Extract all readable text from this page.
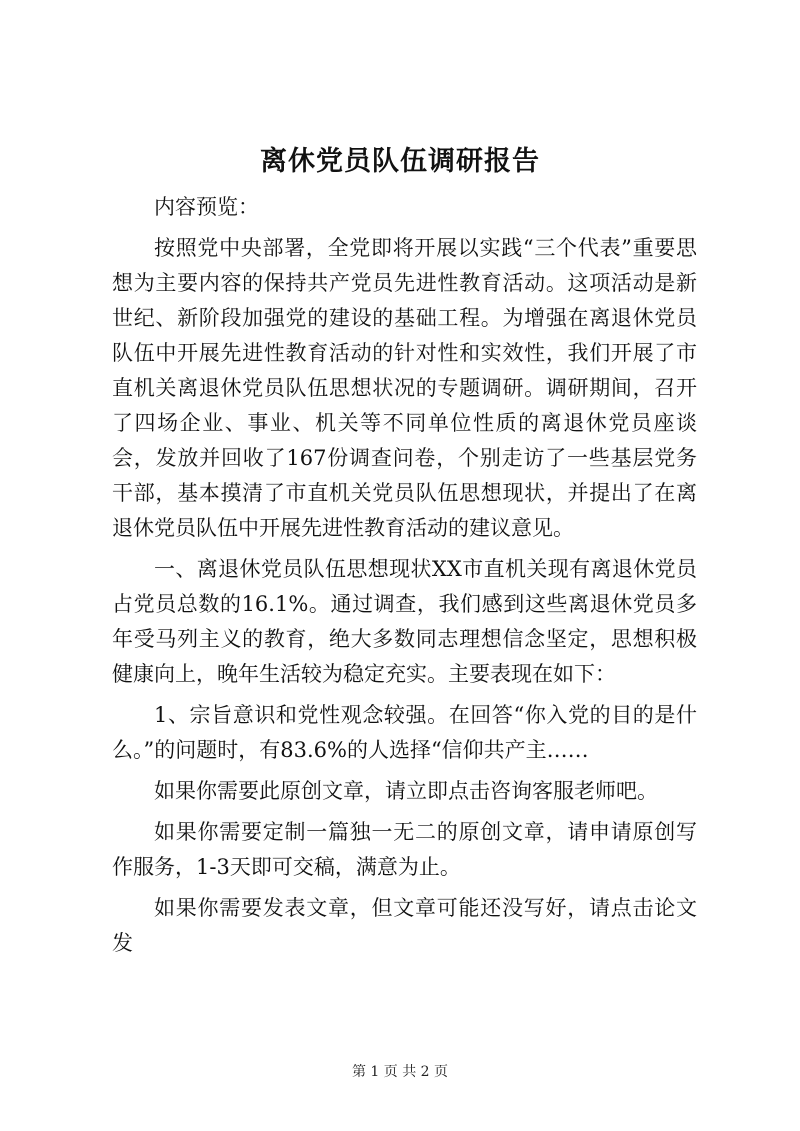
离休党员队伍调研报告

内容预览：

按照党中央部署，全党即将开展以实践“三个代表”重要思想为主要内容的保持共产党员先进性教育活动。这项活动是新世纪、新阶段加强党的建设的基础工程。为增强在离退休党员队伍中开展先进性教育活动的针对性和实效性，我们开展了市直机关离退休党员队伍思想状况的专题调研。调研期间，召开了四场企业、事业、机关等不同单位性质的离退休党员座谈会，发放并回收了167份调查问卷，个别走访了一些基层党务干部，基本摸清了市直机关党员队伍思想现状，并提出了在离退休党员队伍中开展先进性教育活动的建议意见。

一、离退休党员队伍思想现状XX市直机关现有离退休党员占党员总数的16.1%。通过调查，我们感到这些离退休党员多年受马列主义的教育，绝大多数同志理想信念坚定，思想积极健康向上，晚年生活较为稳定充实。主要表现在如下：

1、宗旨意识和党性观念较强。在回答“你入党的目的是什么。”的问题时，有83.6%的人选择“信仰共产主……

如果你需要此原创文章，请立即点击咨询客服老师吧。

如果你需要定制一篇独一无二的原创文章，请申请原创写作服务，1-3天即可交稿，满意为止。

如果你需要发表文章，但文章可能还没写好，请点击论文发

第 1 页 共 2 页
